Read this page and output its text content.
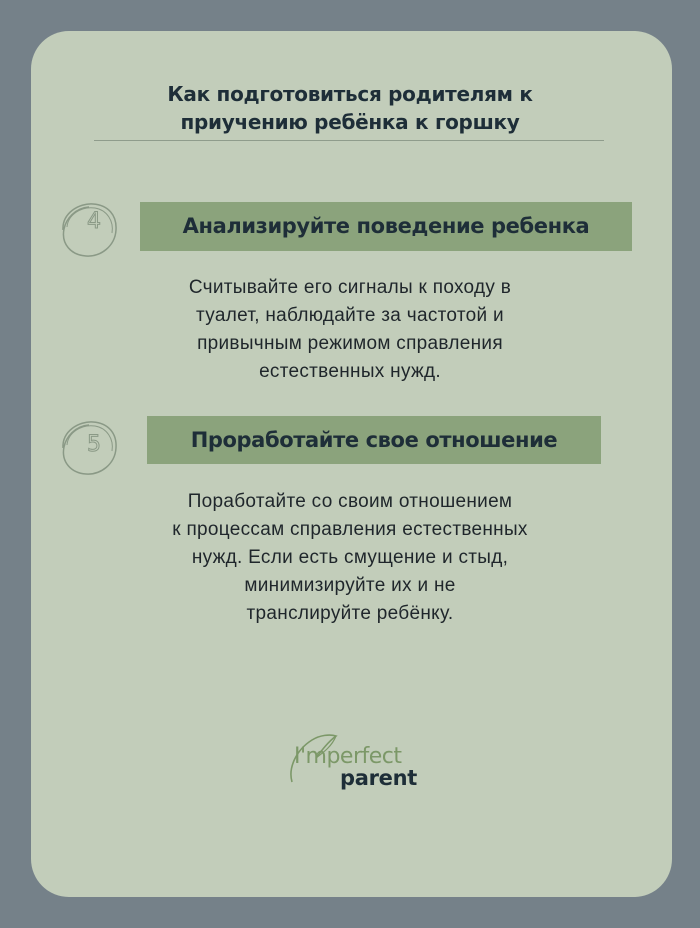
Как подготовиться родителям к
приучению ребёнка к горшку
4	Анализируйте поведение ребенка
Считывайте его сигналы к походу в
туалет, наблюдайте за частотой и
привычным режимом справления
естественных нужд.
5	Проработайте свое отношение
Поработайте со своим отношением
к процессам справления естественных
нужд. Если есть смущение и стыд,
минимизируйте их и не
транслируйте ребёнку.
I'mperfect
parent
